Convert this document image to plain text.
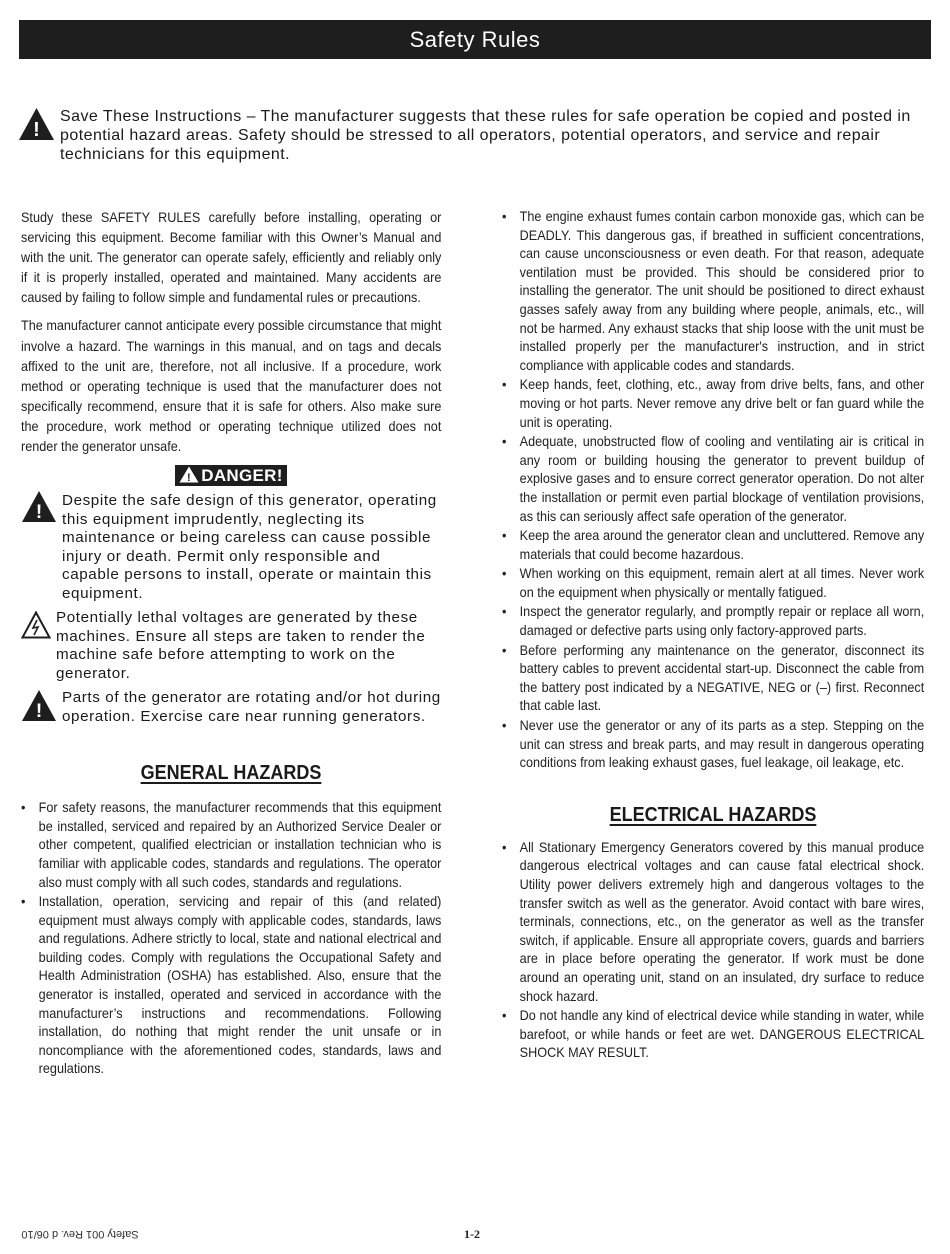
Safety Rules
!
Save These Instructions – The manufacturer suggests that these rules for safe operation be copied and posted in potential hazard areas. Safety should be stressed to all operators, potential operators, and service and repair technicians for this equipment.

Study these SAFETY RULES carefully before installing, operating or servicing this equipment. Become familiar with this Owner’s Manual and with the unit. The generator can operate safely, efficiently and reliably only if it is properly installed, operated and maintained. Many accidents are caused by failing to follow simple and fundamental rules or precautions.

The manufacturer cannot anticipate every possible circumstance that might involve a hazard. The warnings in this manual, and on tags and decals affixed to the unit are, therefore, not all inclusive. If a procedure, work method or operating technique is used that the manufacturer does not specifically recommend, ensure that it is safe for others. Also make sure the procedure, work method or operating technique utilized does not render the generator unsafe.

! DANGER!
!
Despite the safe design of this generator, operating this equipment imprudently, neglecting its maintenance or being careless can cause possible injury or death. Permit only responsible and capable persons to install, operate or maintain this equipment.
Potentially lethal voltages are generated by these machines. Ensure all steps are taken to render the machine safe before attempting to work on the generator.
!
Parts of the generator are rotating and/or hot during operation. Exercise care near running generators.
GENERAL HAZARDS
• For safety reasons, the manufacturer recommends that this equipment be installed, serviced and repaired by an Authorized Service Dealer or other competent, qualified electrician or installation technician who is familiar with applicable codes, standards and regulations. The operator also must comply with all such codes, standards and regulations.
• Installation, operation, servicing and repair of this (and related) equipment must always comply with applicable codes, standards, laws and regulations. Adhere strictly to local, state and national electrical and building codes. Comply with regulations the Occupational Safety and Health Administration (OSHA) has established. Also, ensure that the generator is installed, operated and serviced in accordance with the manufacturer’s instructions and recommendations. Following installation, do nothing that might render the unit unsafe or in noncompliance with the aforementioned codes, standards, laws and regulations.
• The engine exhaust fumes contain carbon monoxide gas, which can be DEADLY. This dangerous gas, if breathed in sufficient concentrations, can cause unconsciousness or even death. For that reason, adequate ventilation must be provided. This should be considered prior to installing the generator. The unit should be positioned to direct exhaust gasses safely away from any building where people, animals, etc., will not be harmed. Any exhaust stacks that ship loose with the unit must be installed properly per the manufacturer's instruction, and in strict compliance with applicable codes and standards.
• Keep hands, feet, clothing, etc., away from drive belts, fans, and other moving or hot parts. Never remove any drive belt or fan guard while the unit is operating.
• Adequate, unobstructed flow of cooling and ventilating air is critical in any room or building housing the generator to prevent buildup of explosive gases and to ensure correct generator operation. Do not alter the installation or permit even partial blockage of ventilation provisions, as this can seriously affect safe operation of the generator.
• Keep the area around the generator clean and uncluttered. Remove any materials that could become hazardous.
• When working on this equipment, remain alert at all times. Never work on the equipment when physically or mentally fatigued.
• Inspect the generator regularly, and promptly repair or replace all worn, damaged or defective parts using only factory-approved parts.
• Before performing any maintenance on the generator, disconnect its battery cables to prevent accidental start-up. Disconnect the cable from the battery post indicated by a NEGATIVE, NEG or (–) first. Reconnect that cable last.
• Never use the generator or any of its parts as a step. Stepping on the unit can stress and break parts, and may result in dangerous operating conditions from leaking exhaust gases, fuel leakage, oil leakage, etc.
ELECTRICAL HAZARDS
• All Stationary Emergency Generators covered by this manual produce dangerous electrical voltages and can cause fatal electrical shock. Utility power delivers extremely high and dangerous voltages to the transfer switch as well as the generator. Avoid contact with bare wires, terminals, connections, etc., on the generator as well as the transfer switch, if applicable. Ensure all appropriate covers, guards and barriers are in place before operating the generator. If work must be done around an operating unit, stand on an insulated, dry surface to reduce shock hazard.
• Do not handle any kind of electrical device while standing in water, while barefoot, or while hands or feet are wet. DANGEROUS ELECTRICAL SHOCK MAY RESULT.
Safety 001 Rev. d 06/10	1-2
